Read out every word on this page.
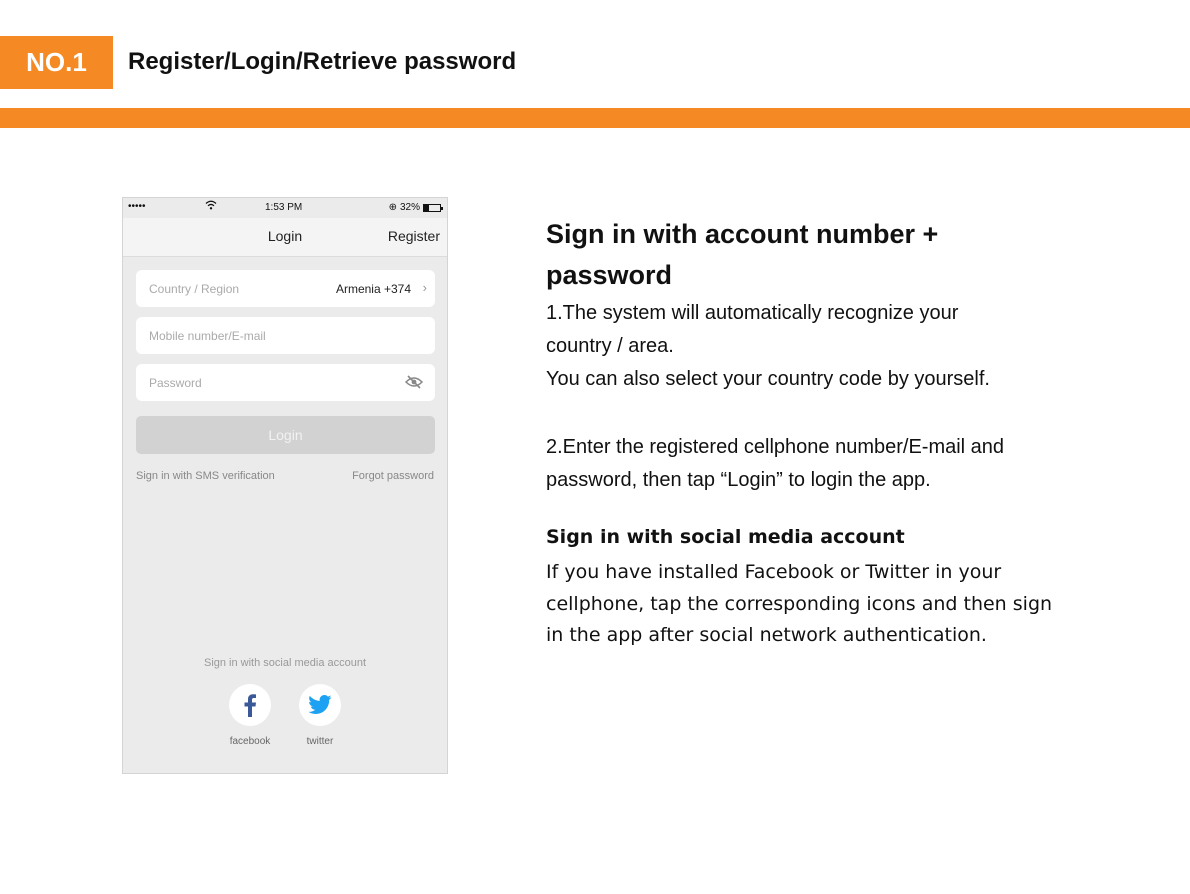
NO.1	Register/Login/Retrieve password
•••••	1:53 PM	⊕ 32%
Login	Register
Country / Region	Armenia +374 ›
Mobile number/E-mail
Password
Login
Sign in with SMS verification	Forgot password
Sign in with social media account
facebook	twitter
Sign in with account number + password

1.The system will automatically recognize your
country / area.
You can also select your country code by yourself.

2.Enter the registered cellphone number/E-mail and
password, then tap “Login” to login the app.

Sign in with social media account

If you have installed Facebook or Twitter in your cellphone, tap the corresponding icons and then sign in the app after social network authentication.
